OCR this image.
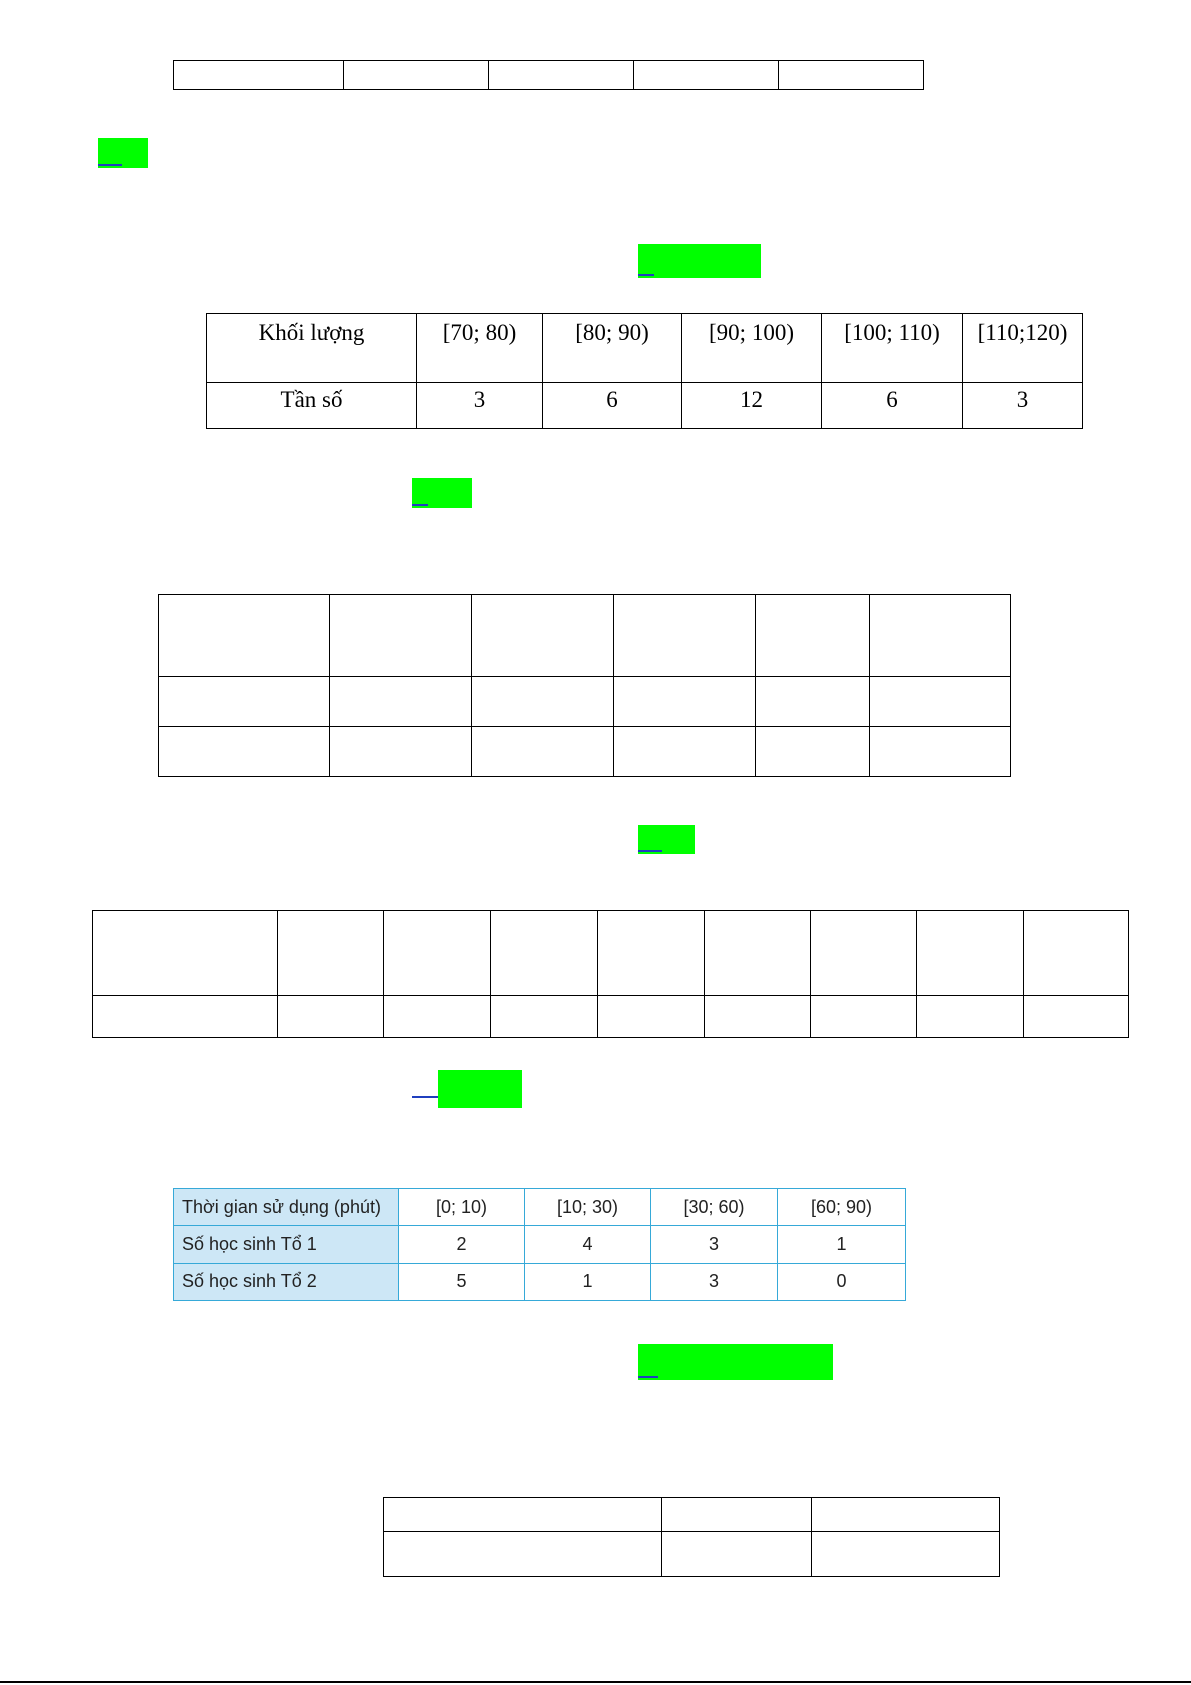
Khối lượng	[70; 80)	[80; 90)	[90; 100)	[100; 110)	[110;120)
Tần số	3	6	12	6	3

Thời gian sử dụng (phút)	[0; 10)	[10; 30)	[30; 60)	[60; 90)
Số học sinh Tổ 1	2	4	3	1
Số học sinh Tổ 2	5	1	3	0
